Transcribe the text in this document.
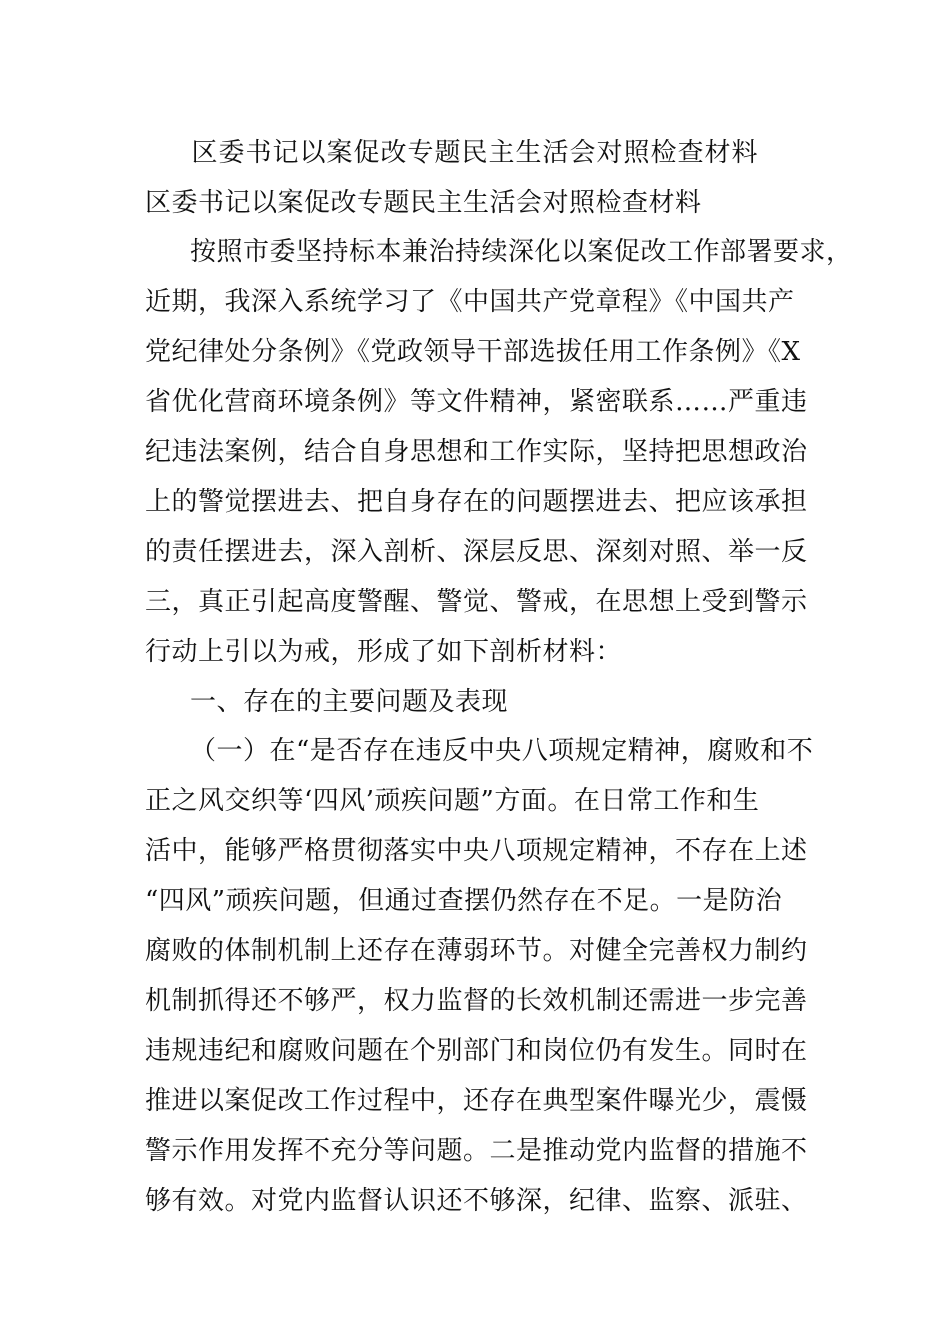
区委书记以案促改专题民主生活会对照检查材料
区委书记以案促改专题民主生活会对照检查材料
按照市委坚持标本兼治持续深化以案促改工作部署要求，
近期，我深入系统学习了《中国共产党章程》《中国共产
党纪律处分条例》《党政领导干部选拔任用工作条例》《X
省优化营商环境条例》等文件精神，紧密联系……严重违
纪违法案例，结合自身思想和工作实际，坚持把思想政治
上的警觉摆进去、把自身存在的问题摆进去、把应该承担
的责任摆进去，深入剖析、深层反思、深刻对照、举一反
三，真正引起高度警醒、警觉、警戒，在思想上受到警示
行动上引以为戒，形成了如下剖析材料：
一、存在的主要问题及表现
（一）在“是否存在违反中央八项规定精神，腐败和不
正之风交织等‘四风’顽疾问题”方面。在日常工作和生
活中，能够严格贯彻落实中央八项规定精神，不存在上述
“四风”顽疾问题，但通过查摆仍然存在不足。一是防治
腐败的体制机制上还存在薄弱环节。对健全完善权力制约
机制抓得还不够严，权力监督的长效机制还需进一步完善
违规违纪和腐败问题在个别部门和岗位仍有发生。同时在
推进以案促改工作过程中，还存在典型案件曝光少，震慑
警示作用发挥不充分等问题。二是推动党内监督的措施不
够有效。对党内监督认识还不够深，纪律、监察、派驻、
